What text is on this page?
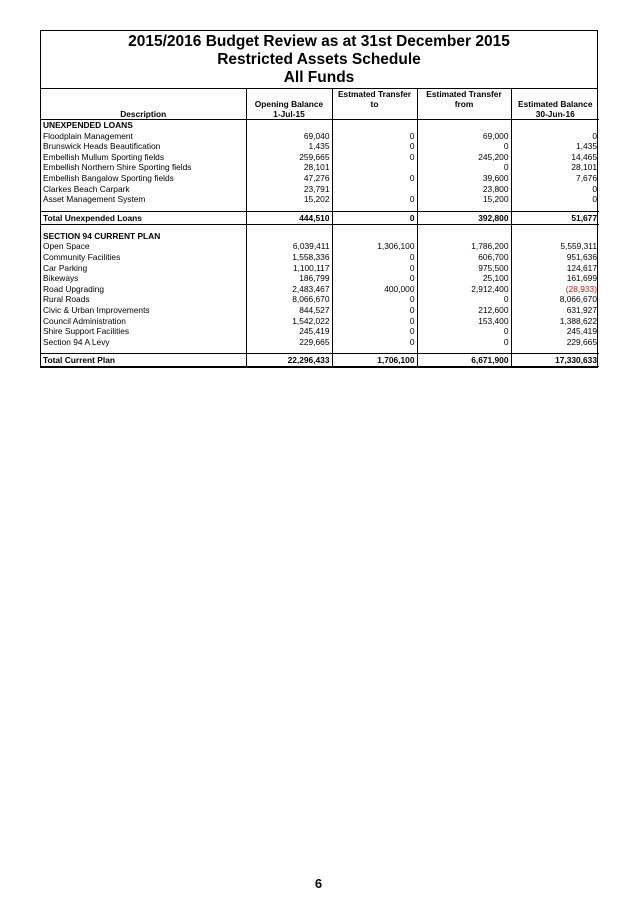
2015/2016 Budget Review as at 31st December 2015
Restricted Assets Schedule
All Funds
		Estmated Transfer	Estimated Transfer	
	Opening Balance	to	from	Estimated Balance
Description	1-Jul-15			30-Jun-16
UNEXPENDED LOANS				
Floodplain Management	69,040	0	69,000	0
Brunswick Heads Beautification	1,435	0	0	1,435
Embellish Mullum Sporting fields	259,665	0	245,200	14,465
Embellish Northern Shire Sporting fields	28,101		0	28,101
Embellish Bangalow Sporting fields	47,276	0	39,600	7,676
Clarkes Beach Carpark	23,791		23,800	0
Asset Management System	15,202	0	15,200	0

Total Unexpended Loans	444,510	0	392,800	51,677

SECTION 94 CURRENT PLAN				
Open Space	6,039,411	1,306,100	1,786,200	5,559,311
Community Facilities	1,558,336	0	606,700	951,636
Car Parking	1,100,117	0	975,500	124,617
Bikeways	186,799	0	25,100	161,699
Road Upgrading	2,483,467	400,000	2,912,400	(28,933)
Rural Roads	8,066,670	0	0	8,066,670
Civic & Urban Improvements	844,527	0	212,600	631,927
Council Administration	1,542,022	0	153,400	1,388,622
Shire Support Facilities	245,419	0	0	245,419
Section 94 A Levy	229,665	0	0	229,665

Total Current Plan	22,296,433	1,706,100	6,671,900	17,330,633
6
